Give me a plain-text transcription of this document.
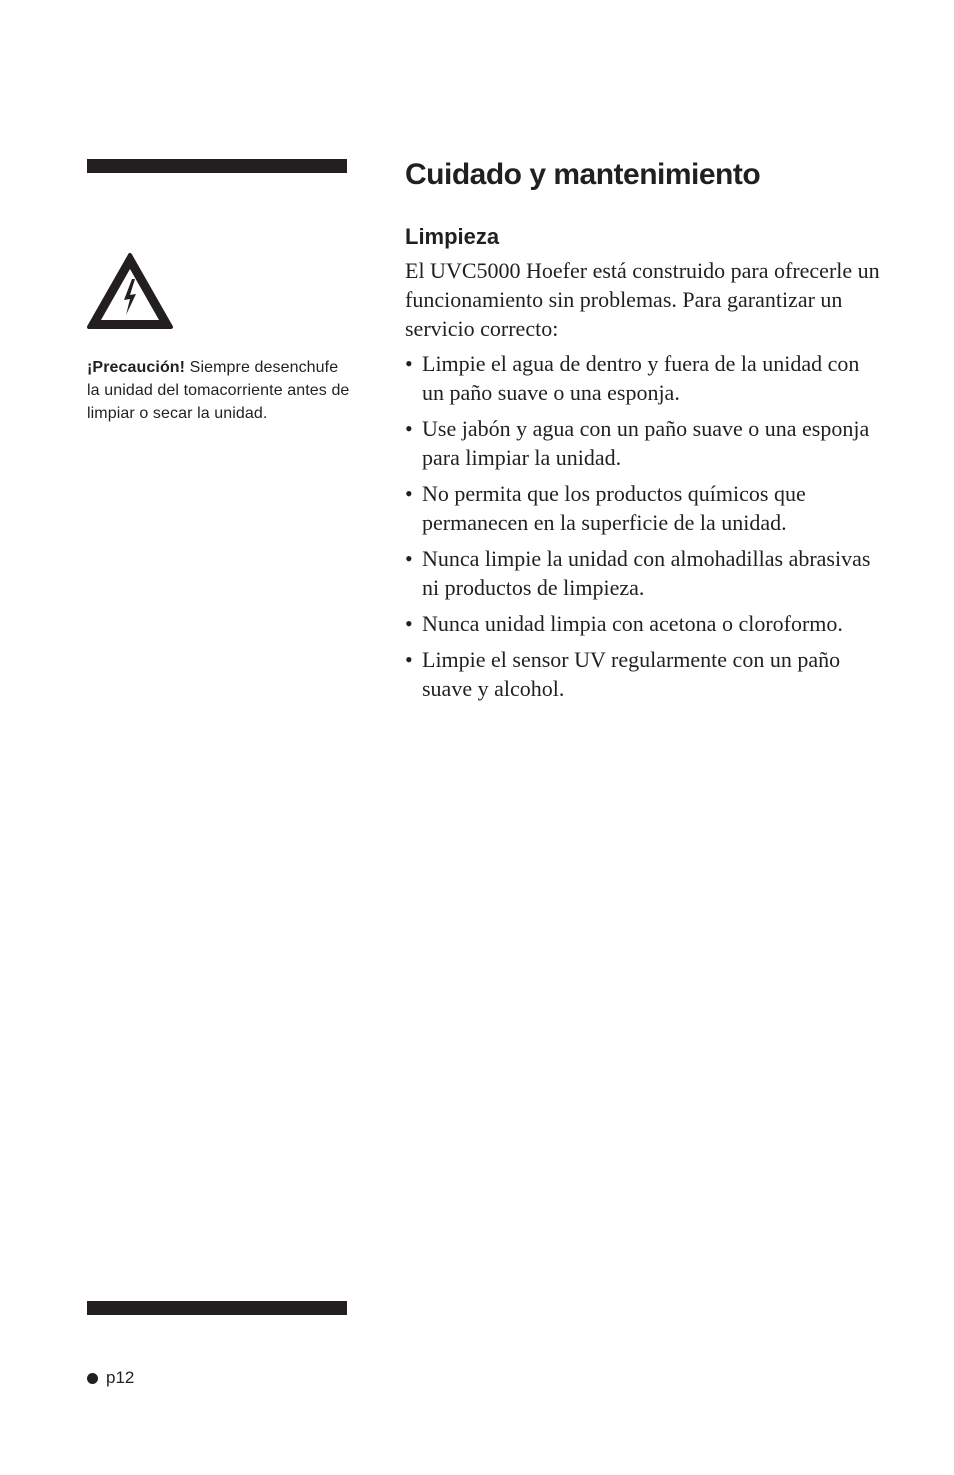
¡Precaución! Siempre desenchufe la unidad del tomacorriente antes de limpiar o secar la unidad.
Cuidado y mantenimiento
Limpieza

El UVC5000 Hoefer está construido para ofrecerle un funcionamiento sin problemas. Para garantizar un servicio correcto:

• Limpie el agua de dentro y fuera de la unidad con un paño suave o una esponja.
• Use jabón y agua con un paño suave o una esponja para limpiar la unidad.
• No permita que los productos químicos que permanecen en la superficie de la unidad.
• Nunca limpie la unidad con almohadillas abrasivas ni productos de limpieza.
• Nunca unidad limpia con acetona o cloroformo.
• Limpie el sensor UV regularmente con un paño suave y alcohol.
p12
